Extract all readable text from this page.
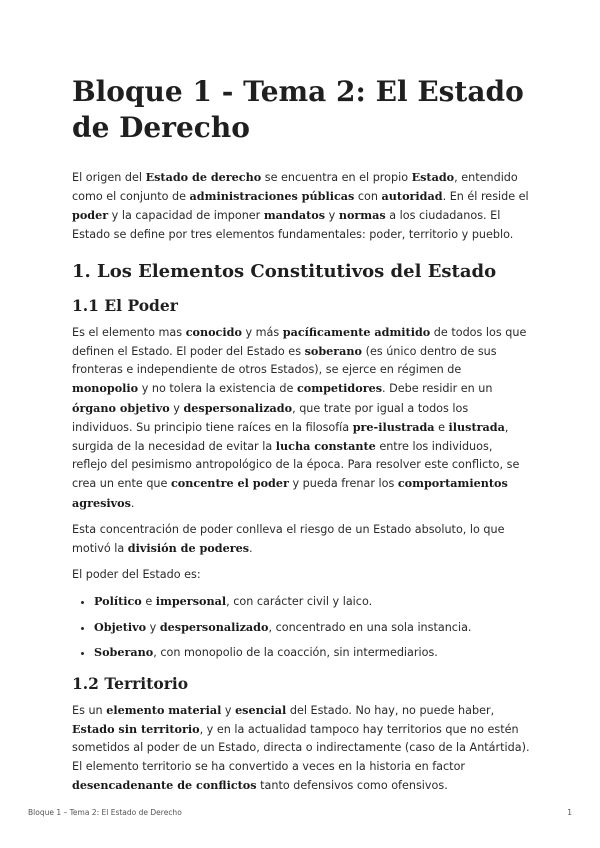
Bloque 1 - Tema 2: El Estado de Derecho

El origen del Estado de derecho se encuentra en el propio Estado, entendido como el conjunto de administraciones públicas con autoridad. En él reside el poder y la capacidad de imponer mandatos y normas a los ciudadanos. El Estado se define por tres elementos fundamentales: poder, territorio y pueblo.

1. Los Elementos Constitutivos del Estado
1.1 El Poder

Es el elemento mas conocido y más pacíficamente admitido de todos los que definen el Estado. El poder del Estado es soberano (es único dentro de sus fronteras e independiente de otros Estados), se ejerce en régimen de monopolio y no tolera la existencia de competidores. Debe residir en un órgano objetivo y despersonalizado, que trate por igual a todos los individuos. Su principio tiene raíces en la filosofía pre-ilustrada e ilustrada, surgida de la necesidad de evitar la lucha constante entre los individuos, reflejo del pesimismo antropológico de la época. Para resolver este conflicto, se crea un ente que concentre el poder y pueda frenar los comportamientos agresivos.

Esta concentración de poder conlleva el riesgo de un Estado absoluto, lo que motivó la división de poderes.

El poder del Estado es:

• Político e impersonal, con carácter civil y laico.
• Objetivo y despersonalizado, concentrado en una sola instancia.
• Soberano, con monopolio de la coacción, sin intermediarios.
1.2 Territorio

Es un elemento material y esencial del Estado. No hay, no puede haber, Estado sin territorio, y en la actualidad tampoco hay territorios que no estén sometidos al poder de un Estado, directa o indirectamente (caso de la Antártida). El elemento territorio se ha convertido a veces en la historia en factor desencadenante de conflictos tanto defensivos como ofensivos.

Bloque 1 – Tema 2: El Estado de Derecho	1
